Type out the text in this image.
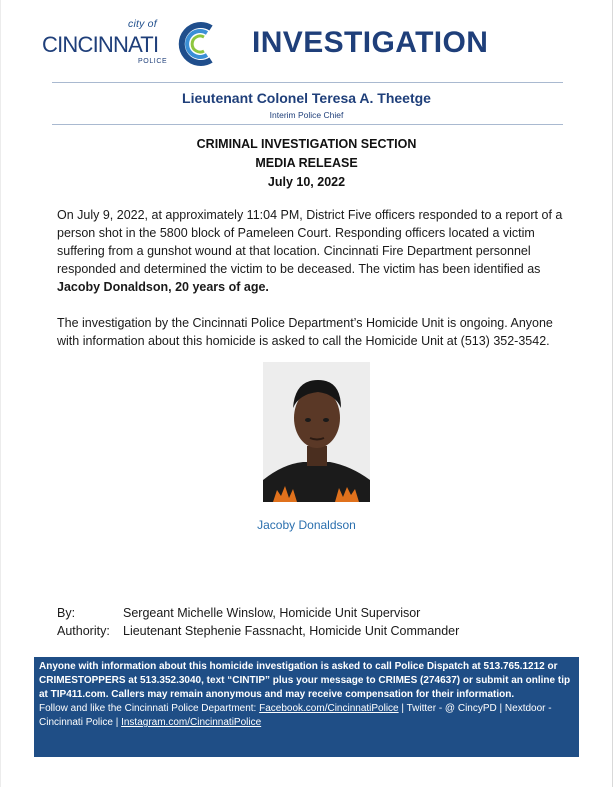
city of
CINCINNATI
POLICE
INVESTIGATION
Lieutenant Colonel Teresa A. Theetge
Interim Police Chief
CRIMINAL INVESTIGATION SECTION
MEDIA RELEASE
July 10, 2022

On July 9, 2022, at approximately 11:04 PM, District Five officers responded to a report of a person shot in the 5800 block of Pameleen Court. Responding officers located a victim suffering from a gunshot wound at that location. Cincinnati Fire Department personnel responded and determined the victim to be deceased. The victim has been identified as Jacoby Donaldson, 20 years of age.

The investigation by the Cincinnati Police Department’s Homicide Unit is ongoing. Anyone with information about this homicide is asked to call the Homicide Unit at (513) 352-3542.

Jacoby Donaldson
By:	Sergeant Michelle Winslow, Homicide Unit Supervisor
Authority:	Lieutenant Stephenie Fassnacht, Homicide Unit Commander
Anyone with information about this homicide investigation is asked to call Police Dispatch at 513.765.1212 or CRIMESTOPPERS at 513.352.3040, text “CINTIP” plus your message to CRIMES (274637) or submit an online tip at TIP411.com. Callers may remain anonymous and may receive compensation for their information.
Follow and like the Cincinnati Police Department: Facebook.com/CincinnatiPolice | Twitter - @ CincyPD | Nextdoor - Cincinnati Police | Instagram.com/CincinnatiPolice
